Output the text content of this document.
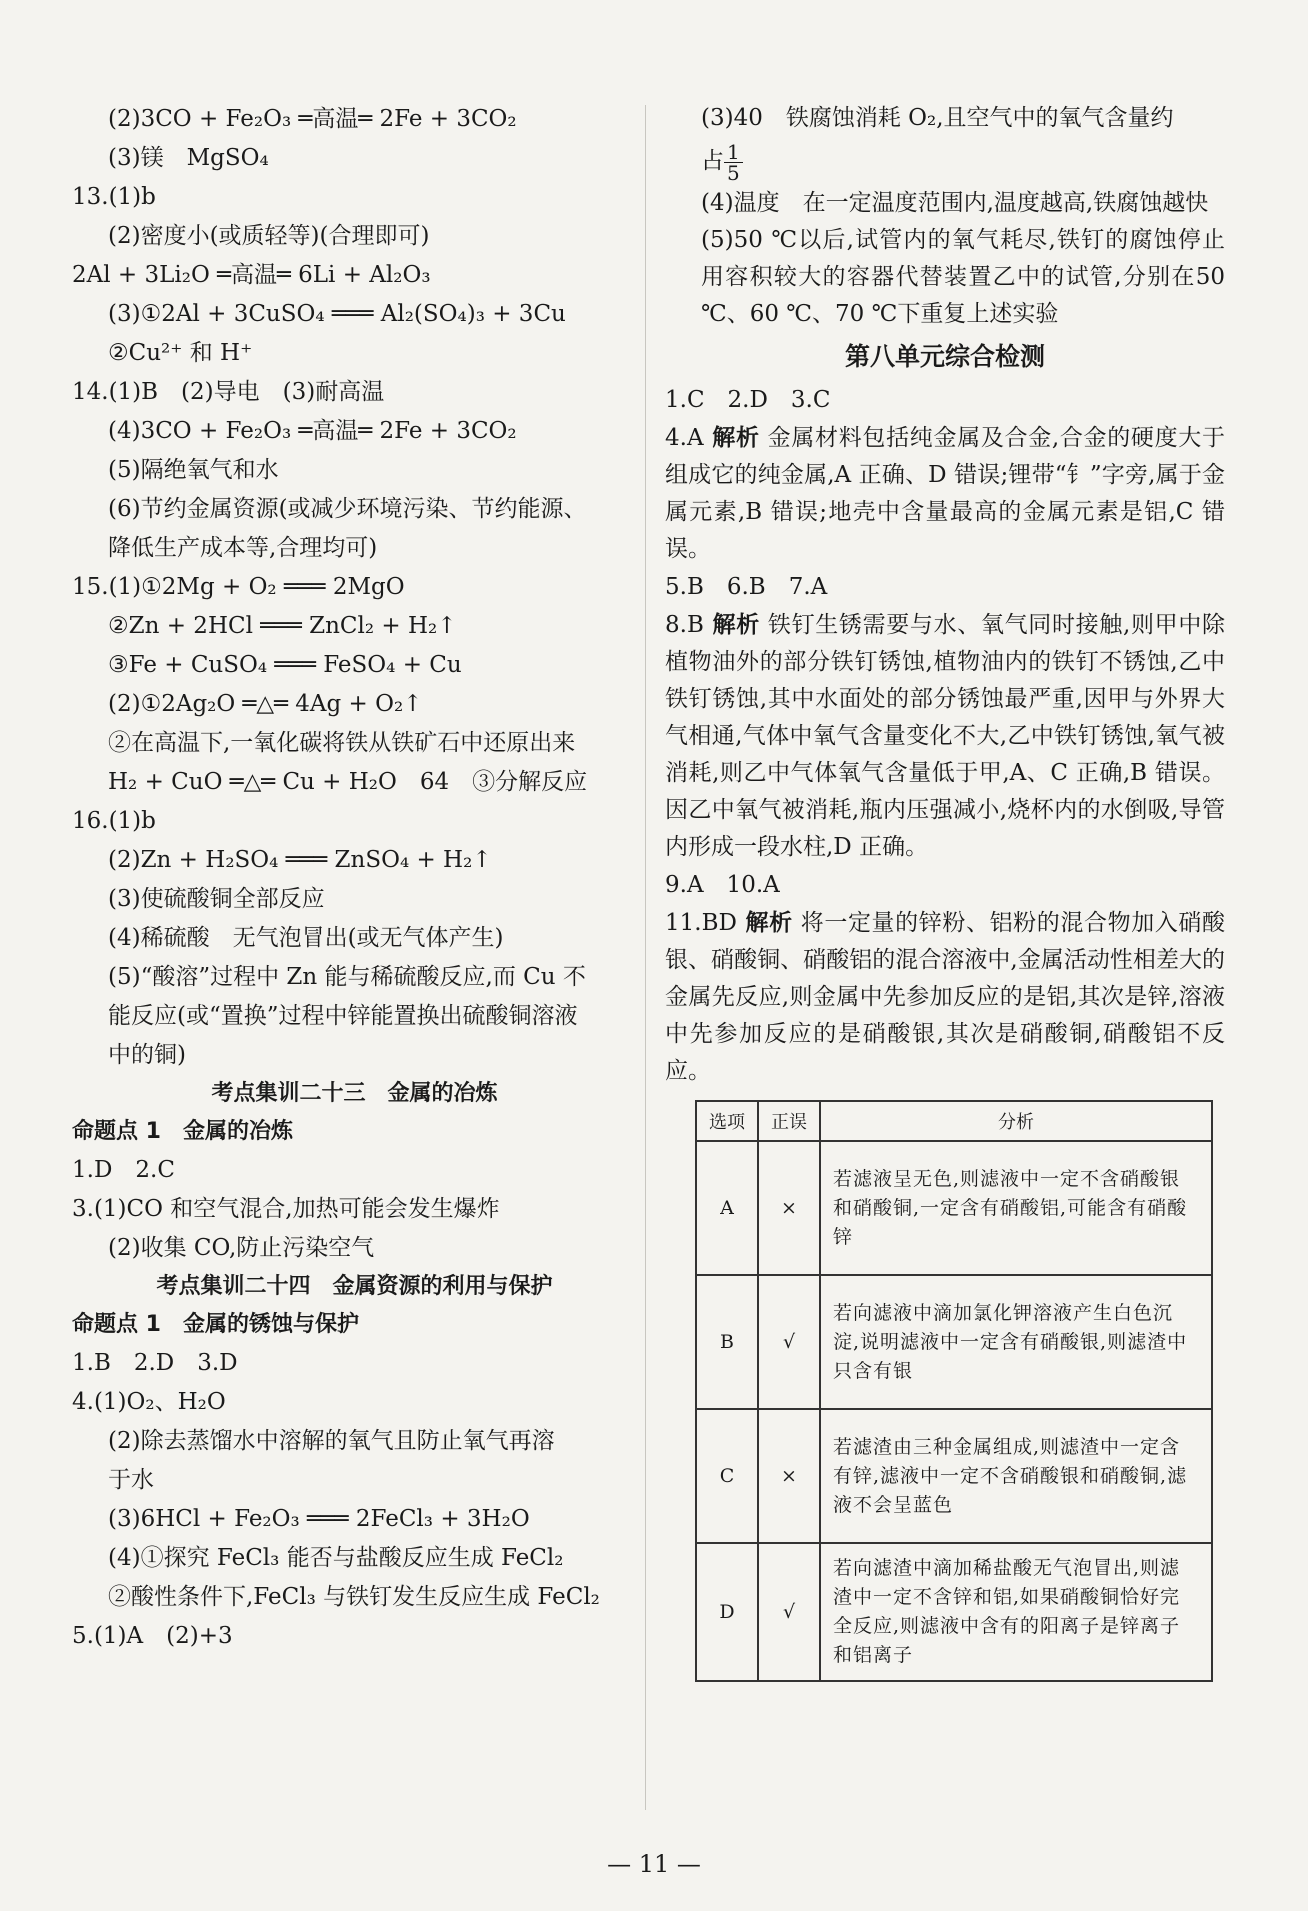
(2)3CO + Fe₂O₃ ═高温═ 2Fe + 3CO₂
(3)镁　MgSO₄
13.(1)b
(2)密度小(或质轻等)(合理即可)
2Al + 3Li₂O ═高温═ 6Li + Al₂O₃
(3)①2Al + 3CuSO₄ ═══ Al₂(SO₄)₃ + 3Cu
②Cu²⁺ 和 H⁺
14.(1)B　(2)导电　(3)耐高温
(4)3CO + Fe₂O₃ ═高温═ 2Fe + 3CO₂
(5)隔绝氧气和水
(6)节约金属资源(或减少环境污染、节约能源、
降低生产成本等,合理均可)
15.(1)①2Mg + O₂ ═══ 2MgO
②Zn + 2HCl ═══ ZnCl₂ + H₂↑
③Fe + CuSO₄ ═══ FeSO₄ + Cu
(2)①2Ag₂O ═△═ 4Ag + O₂↑
②在高温下,一氧化碳将铁从铁矿石中还原出来
H₂ + CuO ═△═ Cu + H₂O　64　③分解反应
16.(1)b
(2)Zn + H₂SO₄ ═══ ZnSO₄ + H₂↑
(3)使硫酸铜全部反应
(4)稀硫酸　无气泡冒出(或无气体产生)
(5)“酸溶”过程中 Zn 能与稀硫酸反应,而 Cu 不
能反应(或“置换”过程中锌能置换出硫酸铜溶液
中的铜)
考点集训二十三　金属的冶炼
命题点 1　金属的冶炼
1.D　2.C
3.(1)CO 和空气混合,加热可能会发生爆炸
(2)收集 CO,防止污染空气
考点集训二十四　金属资源的利用与保护
命题点 1　金属的锈蚀与保护
1.B　2.D　3.D
4.(1)O₂、H₂O
(2)除去蒸馏水中溶解的氧气且防止氧气再溶
于水
(3)6HCl + Fe₂O₃ ═══ 2FeCl₃ + 3H₂O
(4)①探究 FeCl₃ 能否与盐酸反应生成 FeCl₂
②酸性条件下,FeCl₃ 与铁钉发生反应生成 FeCl₂
5.(1)A　(2)+3
(3)40　铁腐蚀消耗 O₂,且空气中的氧气含量约
占 $\frac{1}{5}$
(4)温度　在一定温度范围内,温度越高,铁腐蚀越快
(5)50 ℃以后,试管内的氧气耗尽,铁钉的腐蚀停止　用容积较大的容器代替装置乙中的试管,分别在50 ℃、60 ℃、70 ℃下重复上述实验
第八单元综合检测
1.C　2.D　3.C
4.A 解析 金属材料包括纯金属及合金,合金的硬度大于组成它的纯金属,A 正确、D 错误;锂带“钅”字旁,属于金属元素,B 错误;地壳中含量最高的金属元素是铝,C 错误。
5.B　6.B　7.A
8.B 解析 铁钉生锈需要与水、氧气同时接触,则甲中除植物油外的部分铁钉锈蚀,植物油内的铁钉不锈蚀,乙中铁钉锈蚀,其中水面处的部分锈蚀最严重,因甲与外界大气相通,气体中氧气含量变化不大,乙中铁钉锈蚀,氧气被消耗,则乙中气体氧气含量低于甲,A、C 正确,B 错误。因乙中氧气被消耗,瓶内压强减小,烧杯内的水倒吸,导管内形成一段水柱,D 正确。
9.A　10.A
11.BD 解析 将一定量的锌粉、铝粉的混合物加入硝酸银、硝酸铜、硝酸铝的混合溶液中,金属活动性相差大的金属先反应,则金属中先参加反应的是铝,其次是锌,溶液中先参加反应的是硝酸银,其次是硝酸铜,硝酸铝不反应。
选项	正误	分析
A	×	若滤液呈无色,则滤液中一定不含硝酸银和硝酸铜,一定含有硝酸铝,可能含有硝酸锌
B	√	若向滤液中滴加氯化钾溶液产生白色沉淀,说明滤液中一定含有硝酸银,则滤渣中只含有银
C	×	若滤渣由三种金属组成,则滤渣中一定含有锌,滤液中一定不含硝酸银和硝酸铜,滤液不会呈蓝色
D	√	若向滤渣中滴加稀盐酸无气泡冒出,则滤渣中一定不含锌和铝,如果硝酸铜恰好完全反应,则滤液中含有的阳离子是锌离子和铝离子
— 11 —
